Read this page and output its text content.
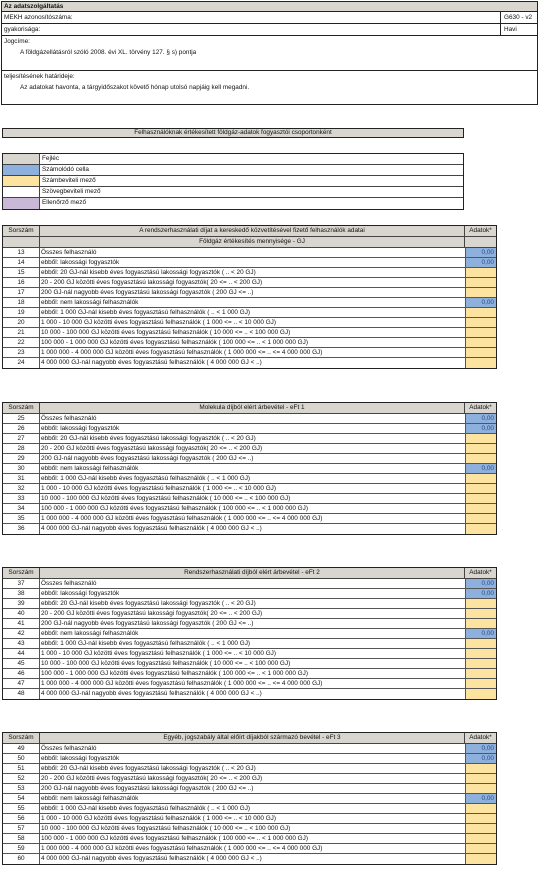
Az adatszolgáltatás
MEKH azonosítószáma:	G630 - v2
gyakorisága:	Havi
Jogcíme:
A földgázellátásról szóló 2008. évi XL. törvény 127. § s) pontja
teljesítésének határideje:
Az adatokat havonta, a tárgyidőszakot követő hónap utolsó napjáig kell megadni.
Felhasználóknak értékesített földgáz-adatok fogyasztói csoportonként
Fejléc
Számolódó cella
Számbeviteli mező
Szövegbeviteli mező
Ellenőrző mező
Sorszám	A rendszerhasználati díjat a kereskedő közvetítésével fizető felhasználók adatai	Adatok*
Földgáz értékesítés mennyisége - GJ
13	Összes felhasználó	0,00
14	ebből: lakossági fogyasztók	0,00
15	ebből: 20 GJ-nál kisebb éves fogyasztású lakossági fogyasztók ( .. < 20 GJ)
16	20 - 200 GJ közötti éves fogyasztású lakossági fogyasztók( 20 <= .. < 200 GJ)
17	200 GJ-nál nagyobb éves fogyasztású lakossági fogyasztók ( 200 GJ <= ..)
18	ebből: nem lakossági felhasználók	0,00
19	ebből: 1 000 GJ-nál kisebb éves fogyasztású felhasználók ( .. < 1 000 GJ)
20	1 000 - 10 000 GJ közötti éves fogyasztású felhasználók ( 1 000 <= .. < 10 000 GJ)
21	10 000 - 100 000 GJ közötti éves fogyasztású felhasználók ( 10 000 <= .. < 100 000 GJ)
22	100 000 - 1 000 000 GJ közötti éves fogyasztású felhasználók ( 100 000 <= .. < 1 000 000 GJ)
23	1 000 000 - 4 000 000 GJ közötti éves fogyasztású felhasználók ( 1 000 000 <= .. <= 4 000 000 GJ)
24	4 000 000 GJ-nál nagyobb éves fogyasztású felhasználók ( 4 000 000 GJ < ..)
Sorszám	Molekula díjból elért árbevétel - eFt 1	Adatok*
25	Összes felhasználó	0,00
26	ebből: lakossági fogyasztók	0,00
27	ebből: 20 GJ-nál kisebb éves fogyasztású lakossági fogyasztók ( .. < 20 GJ)
28	20 - 200 GJ közötti éves fogyasztású lakossági fogyasztók( 20 <= .. < 200 GJ)
29	200 GJ-nál nagyobb éves fogyasztású lakossági fogyasztók ( 200 GJ <= ..)
30	ebből: nem lakossági felhasználók	0,00
31	ebből: 1 000 GJ-nál kisebb éves fogyasztású felhasználók ( .. < 1 000 GJ)
32	1 000 - 10 000 GJ közötti éves fogyasztású felhasználók ( 1 000 <= .. < 10 000 GJ)
33	10 000 - 100 000 GJ közötti éves fogyasztású felhasználók ( 10 000 <= .. < 100 000 GJ)
34	100 000 - 1 000 000 GJ közötti éves fogyasztású felhasználók ( 100 000 <= .. < 1 000 000 GJ)
35	1 000 000 - 4 000 000 GJ közötti éves fogyasztású felhasználók ( 1 000 000 <= .. <= 4 000 000 GJ)
36	4 000 000 GJ-nál nagyobb éves fogyasztású felhasználók ( 4 000 000 GJ < ..)
Sorszám	Rendszerhasználati díjból elért árbevétel - eFt 2	Adatok*
37	Összes felhasználó	0,00
38	ebből: lakossági fogyasztók	0,00
39	ebből: 20 GJ-nál kisebb éves fogyasztású lakossági fogyasztók ( .. < 20 GJ)
40	20 - 200 GJ közötti éves fogyasztású lakossági fogyasztók( 20 <= .. < 200 GJ)
41	200 GJ-nál nagyobb éves fogyasztású lakossági fogyasztók ( 200 GJ <= ..)
42	ebből: nem lakossági felhasználók	0,00
43	ebből: 1 000 GJ-nál kisebb éves fogyasztású felhasználók ( .. < 1 000 GJ)
44	1 000 - 10 000 GJ közötti éves fogyasztású felhasználók ( 1 000 <= .. < 10 000 GJ)
45	10 000 - 100 000 GJ közötti éves fogyasztású felhasználók ( 10 000 <= .. < 100 000 GJ)
46	100 000 - 1 000 000 GJ közötti éves fogyasztású felhasználók ( 100 000 <= .. < 1 000 000 GJ)
47	1 000 000 - 4 000 000 GJ közötti éves fogyasztású felhasználók ( 1 000 000 <= .. <= 4 000 000 GJ)
48	4 000 000 GJ-nál nagyobb éves fogyasztású felhasználók ( 4 000 000 GJ < ..)
Sorszám	Egyéb, jogszabály által előírt díjakból származó bevétel - eFt 3	Adatok*
49	Összes felhasználó	0,00
50	ebből: lakossági fogyasztók	0,00
51	ebből: 20 GJ-nál kisebb éves fogyasztású lakossági fogyasztók ( .. < 20 GJ)
52	20 - 200 GJ közötti éves fogyasztású lakossági fogyasztók( 20 <= .. < 200 GJ)
53	200 GJ-nál nagyobb éves fogyasztású lakossági fogyasztók ( 200 GJ <= ..)
54	ebből: nem lakossági felhasználók	0,00
55	ebből: 1 000 GJ-nál kisebb éves fogyasztású felhasználók ( .. < 1 000 GJ)
56	1 000 - 10 000 GJ közötti éves fogyasztású felhasználók ( 1 000 <= .. < 10 000 GJ)
57	10 000 - 100 000 GJ közötti éves fogyasztású felhasználók ( 10 000 <= .. < 100 000 GJ)
58	100 000 - 1 000 000 GJ közötti éves fogyasztású felhasználók ( 100 000 <= .. < 1 000 000 GJ)
59	1 000 000 - 4 000 000 GJ közötti éves fogyasztású felhasználók ( 1 000 000 <= .. <= 4 000 000 GJ)
60	4 000 000 GJ-nál nagyobb éves fogyasztású felhasználók ( 4 000 000 GJ < ..)
